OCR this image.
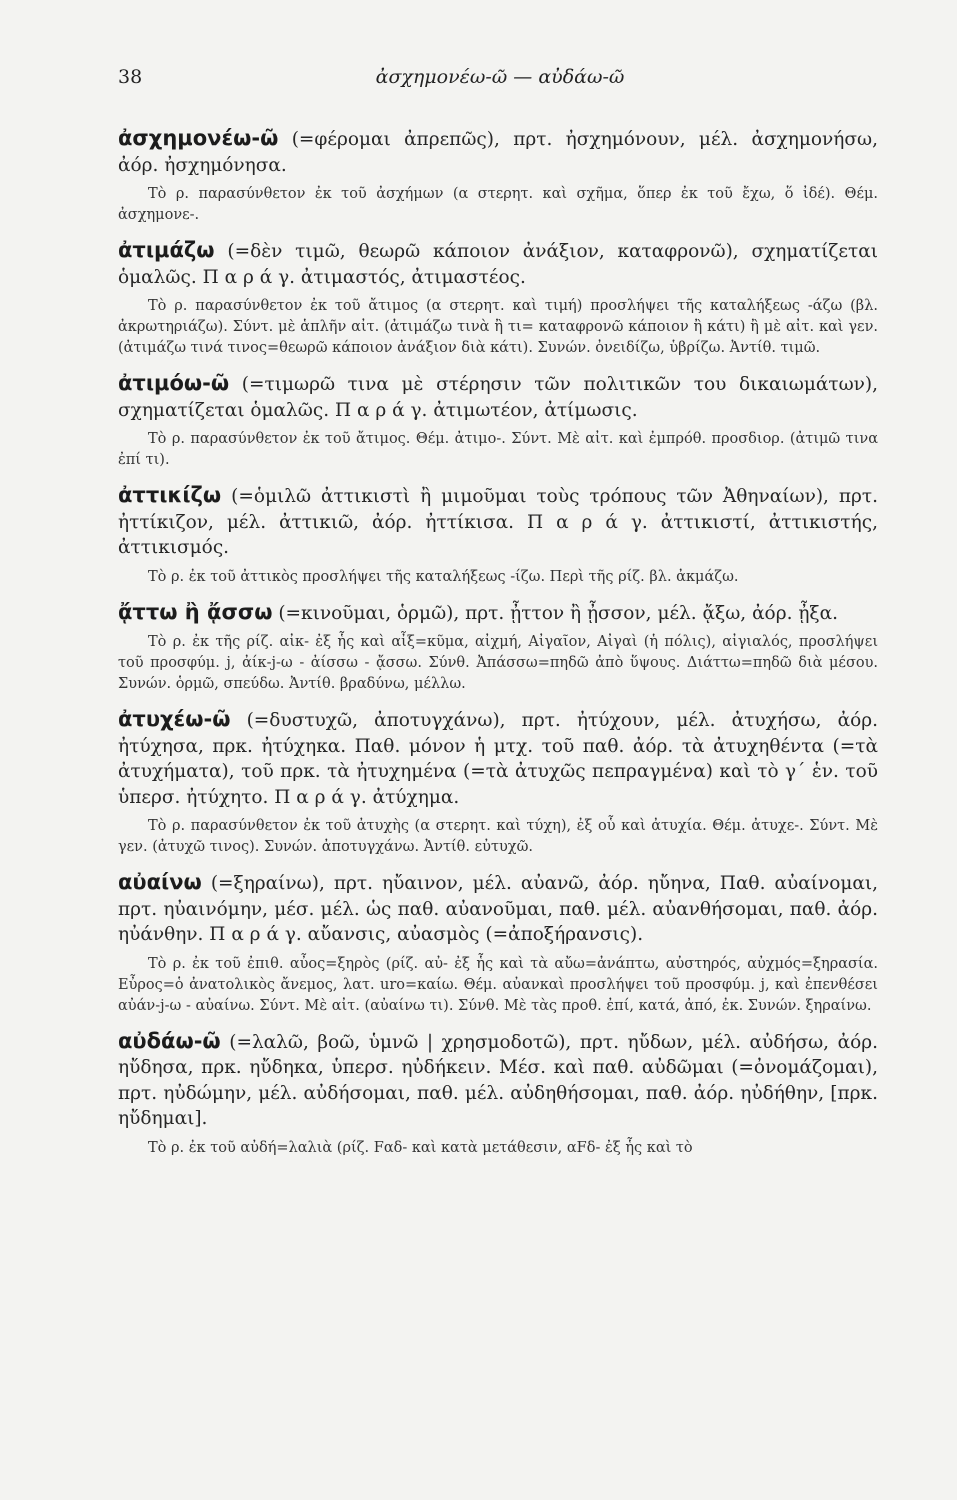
38	ἀσχημονέω-ῶ — αὐδάω-ῶ

ἀσχημονέω-ῶ (=φέρομαι ἀπρεπῶς), πρτ. ἠσχημόνουν, μέλ. ἀσχημονήσω, ἀόρ. ἠσχημόνησα.

Τὸ ρ. παρασύνθετον ἐκ τοῦ ἀσχήμων (α στερητ. καὶ σχῆμα, ὅπερ ἐκ τοῦ ἔχω, ὅ ἰδέ). Θέμ. ἀσχημονε-.

ἀτιμάζω (=δὲν τιμῶ, θεωρῶ κάποιον ἀνάξιον, καταφρονῶ), σχηματίζεται ὁμαλῶς. Π α ρ ά γ. ἀτιμαστός, ἀτιμαστέος.

Τὸ ρ. παρασύνθετον ἐκ τοῦ ἄτιμος (α στερητ. καὶ τιμή) προσλήψει τῆς καταλήξεως -άζω (βλ. ἀκρωτηριάζω). Σύντ. μὲ ἁπλῆν αἰτ. (ἀτιμάζω τινὰ ἢ τι= καταφρονῶ κάποιον ἢ κάτι) ἢ μὲ αἰτ. καὶ γεν. (ἀτιμάζω τινά τινος=θεωρῶ κάποιον ἀνάξιον διὰ κάτι). Συνών. ὀνειδίζω, ὑβρίζω. Ἀντίθ. τιμῶ.

ἀτιμόω-ῶ (=τιμωρῶ τινα μὲ στέρησιν τῶν πολιτικῶν του δικαιωμάτων), σχηματίζεται ὁμαλῶς. Π α ρ ά γ. ἀτιμωτέον, ἀτίμωσις.

Τὸ ρ. παρασύνθετον ἐκ τοῦ ἄτιμος. Θέμ. ἀτιμο-. Σύντ. Μὲ αἰτ. καὶ ἐμπρόθ. προσδιορ. (ἀτιμῶ τινα ἐπί τι).

ἀττικίζω (=ὁμιλῶ ἀττικιστὶ ἢ μιμοῦμαι τοὺς τρόπους τῶν Ἀθηναίων), πρτ. ἠττίκιζον, μέλ. ἀττικιῶ, ἀόρ. ἠττίκισα. Π α ρ ά γ. ἀττικιστί, ἀττικιστής, ἀττικισμός.

Τὸ ρ. ἐκ τοῦ ἀττικὸς προσλήψει τῆς καταλήξεως -ίζω. Περὶ τῆς ρίζ. βλ. ἀκμάζω.

ᾄττω ἢ ᾄσσω (=κινοῦμαι, ὁρμῶ), πρτ. ᾖττον ἢ ᾖσσον, μέλ. ᾄξω, ἀόρ. ᾖξα.

Τὸ ρ. ἐκ τῆς ρίζ. αἰκ- ἐξ ἧς καὶ αἶξ=κῦμα, αἰχμή, Αἰγαῖον, Αἰγαὶ (ἡ πόλις), αἰγιαλός, προσλήψει τοῦ προσφύμ. j, ἀίκ-j-ω - ἀίσσω - ᾄσσω. Σύνθ. Ἀπάσσω=πηδῶ ἀπὸ ὕψους. Διάττω=πηδῶ διὰ μέσου. Συνών. ὁρμῶ, σπεύδω. Ἀντίθ. βραδύνω, μέλλω.

ἀτυχέω-ῶ (=δυστυχῶ, ἀποτυγχάνω), πρτ. ἠτύχουν, μέλ. ἀτυχήσω, ἀόρ. ἠτύχησα, πρκ. ἠτύχηκα. Παθ. μόνον ἡ μτχ. τοῦ παθ. ἀόρ. τὰ ἀτυχηθέντα (=τὰ ἀτυχήματα), τοῦ πρκ. τὰ ἠτυχημένα (=τὰ ἀτυχῶς πεπραγμένα) καὶ τὸ γ΄ ἑν. τοῦ ὑπερσ. ἠτύχητο. Π α ρ ά γ. ἀτύχημα.

Τὸ ρ. παρασύνθετον ἐκ τοῦ ἀτυχὴς (α στερητ. καὶ τύχη), ἐξ οὗ καὶ ἀτυχία. Θέμ. ἀτυχε-. Σύντ. Μὲ γεν. (ἀτυχῶ τινος). Συνών. ἀποτυγχάνω. Ἀντίθ. εὐτυχῶ.

αὐαίνω (=ξηραίνω), πρτ. ηὔαινον, μέλ. αὐανῶ, ἀόρ. ηὔηνα, Παθ. αὐαίνομαι, πρτ. ηὐαινόμην, μέσ. μέλ. ὡς παθ. αὐανοῦμαι, παθ. μέλ. αὐανθήσομαι, παθ. ἀόρ. ηὐάνθην. Π α ρ ά γ. αὔανσις, αὐασμὸς (=ἀποξήρανσις).

Τὸ ρ. ἐκ τοῦ ἐπιθ. αὖος=ξηρὸς (ρίζ. αὐ- ἐξ ἧς καὶ τὰ αὔω=ἀνάπτω, αὐστηρός, αὐχμός=ξηρασία. Εὖρος=ὁ ἀνατολικὸς ἄνεμος, λατ. uro=καίω. Θέμ. αὐανκαὶ προσλήψει τοῦ προσφύμ. j, καὶ ἐπενθέσει αὐάν-j-ω - αὐαίνω. Σύντ. Μὲ αἰτ. (αὐαίνω τι). Σύνθ. Μὲ τὰς προθ. ἐπί, κατά, ἀπό, ἐκ. Συνών. ξηραίνω.

αὐδάω-ῶ (=λαλῶ, βοῶ, ὑμνῶ | χρησμοδοτῶ), πρτ. ηὔδων, μέλ. αὐδήσω, ἀόρ. ηὔδησα, πρκ. ηὔδηκα, ὑπερσ. ηὐδήκειν. Μέσ. καὶ παθ. αὐδῶμαι (=ὀνομάζομαι), πρτ. ηὐδώμην, μέλ. αὐδήσομαι, παθ. μέλ. αὐδηθήσομαι, παθ. ἀόρ. ηὐδήθην, [πρκ. ηὔδημαι].

Τὸ ρ. ἐκ τοῦ αὐδή=λαλιὰ (ρίζ. Fαδ- καὶ κατὰ μετάθεσιν, αFδ- ἐξ ἧς καὶ τὸ
